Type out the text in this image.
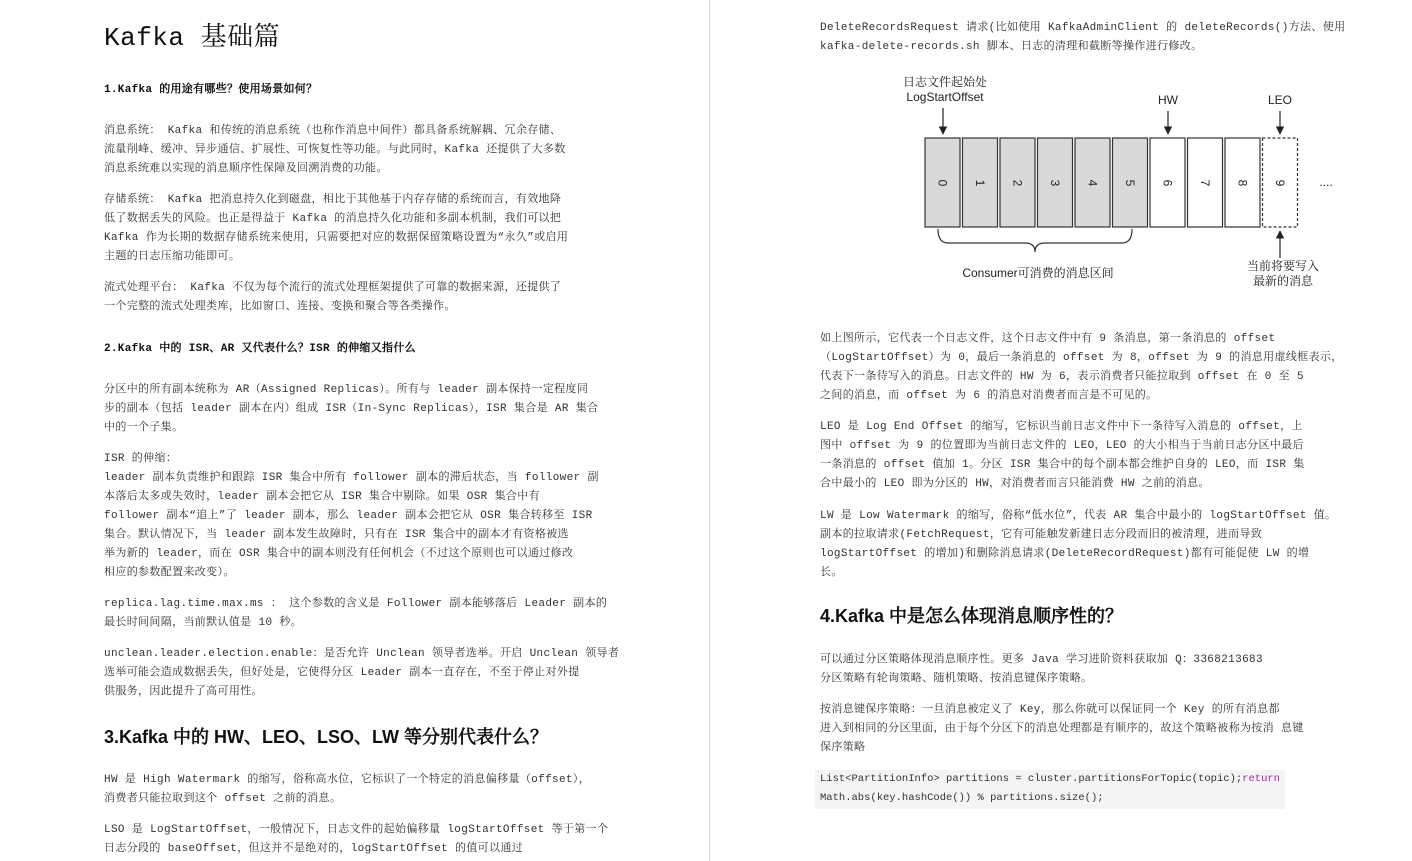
Kafka 基础篇
1.Kafka 的用途有哪些？使用场景如何？
消息系统： Kafka 和传统的消息系统（也称作消息中间件）都具备系统解耦、冗余存储、
流量削峰、缓冲、异步通信、扩展性、可恢复性等功能。与此同时，Kafka 还提供了大多数
消息系统难以实现的消息顺序性保障及回溯消费的功能。
存储系统： Kafka 把消息持久化到磁盘，相比于其他基于内存存储的系统而言，有效地降
低了数据丢失的风险。也正是得益于 Kafka 的消息持久化功能和多副本机制，我们可以把
Kafka 作为长期的数据存储系统来使用，只需要把对应的数据保留策略设置为“永久”或启用
主题的日志压缩功能即可。
流式处理平台： Kafka 不仅为每个流行的流式处理框架提供了可靠的数据来源，还提供了
一个完整的流式处理类库，比如窗口、连接、变换和聚合等各类操作。
2.Kafka 中的 ISR、AR 又代表什么？ISR 的伸缩又指什么
分区中的所有副本统称为 AR（Assigned Replicas）。所有与 leader 副本保持一定程度同
步的副本（包括 leader 副本在内）组成 ISR（In-Sync Replicas），ISR 集合是 AR 集合
中的一个子集。
ISR 的伸缩：
leader 副本负责维护和跟踪 ISR 集合中所有 follower 副本的滞后状态，当 follower 副
本落后太多或失效时，leader 副本会把它从 ISR 集合中剔除。如果 OSR 集合中有
follower 副本“追上”了 leader 副本，那么 leader 副本会把它从 OSR 集合转移至 ISR
集合。默认情况下，当 leader 副本发生故障时，只有在 ISR 集合中的副本才有资格被选
举为新的 leader，而在 OSR 集合中的副本则没有任何机会（不过这个原则也可以通过修改
相应的参数配置来改变）。
replica.lag.time.max.ms ： 这个参数的含义是 Follower 副本能够落后 Leader 副本的
最长时间间隔，当前默认值是 10 秒。
unclean.leader.election.enable：是否允许 Unclean 领导者选举。开启 Unclean 领导者
选举可能会造成数据丢失，但好处是，它使得分区 Leader 副本一直存在，不至于停止对外提
供服务，因此提升了高可用性。
3.Kafka 中的 HW、LEO、LSO、LW 等分别代表什么？
HW 是 High Watermark 的缩写，俗称高水位，它标识了一个特定的消息偏移量（offset），
消费者只能拉取到这个 offset 之前的消息。
LSO 是 LogStartOffset，一般情况下，日志文件的起始偏移量 logStartOffset 等于第一个
日志分段的 baseOffset，但这并不是绝对的，logStartOffset 的值可以通过
DeleteRecordsRequest 请求(比如使用 KafkaAdminClient 的 deleteRecords()方法、使用
kafka-delete-records.sh 脚本、日志的清理和截断等操作进行修改。
日志文件起始处
LogStartOffset	HW	LEO
0 1 2 3 4 5 6 7 8 9	....
Consumer可消费的消息区间	当前将要写入
最新的消息
如上图所示，它代表一个日志文件，这个日志文件中有 9 条消息，第一条消息的 offset
（LogStartOffset）为 0，最后一条消息的 offset 为 8，offset 为 9 的消息用虚线框表示，
代表下一条待写入的消息。日志文件的 HW 为 6，表示消费者只能拉取到 offset 在 0 至 5
之间的消息，而 offset 为 6 的消息对消费者而言是不可见的。
LEO 是 Log End Offset 的缩写，它标识当前日志文件中下一条待写入消息的 offset，上
图中 offset 为 9 的位置即为当前日志文件的 LEO，LEO 的大小相当于当前日志分区中最后
一条消息的 offset 值加 1。分区 ISR 集合中的每个副本都会维护自身的 LEO，而 ISR 集
合中最小的 LEO 即为分区的 HW，对消费者而言只能消费 HW 之前的消息。
LW 是 Low Watermark 的缩写，俗称“低水位”，代表 AR 集合中最小的 logStartOffset 值。
副本的拉取请求(FetchRequest，它有可能触发新建日志分段而旧的被清理，进而导致
logStartOffset 的增加)和删除消息请求(DeleteRecordRequest)都有可能促使 LW 的增
长。
4.Kafka 中是怎么体现消息顺序性的？
可以通过分区策略体现消息顺序性。更多 Java 学习进阶资料获取加 Q：3368213683
分区策略有轮询策略、随机策略、按消息键保序策略。
按消息键保序策略：一旦消息被定义了 Key，那么你就可以保证同一个 Key 的所有消息都
进入到相同的分区里面，由于每个分区下的消息处理都是有顺序的，故这个策略被称为按消 息键
保序策略
List<PartitionInfo> partitions = cluster.partitionsForTopic(topic);return
Math.abs(key.hashCode()) % partitions.size();
